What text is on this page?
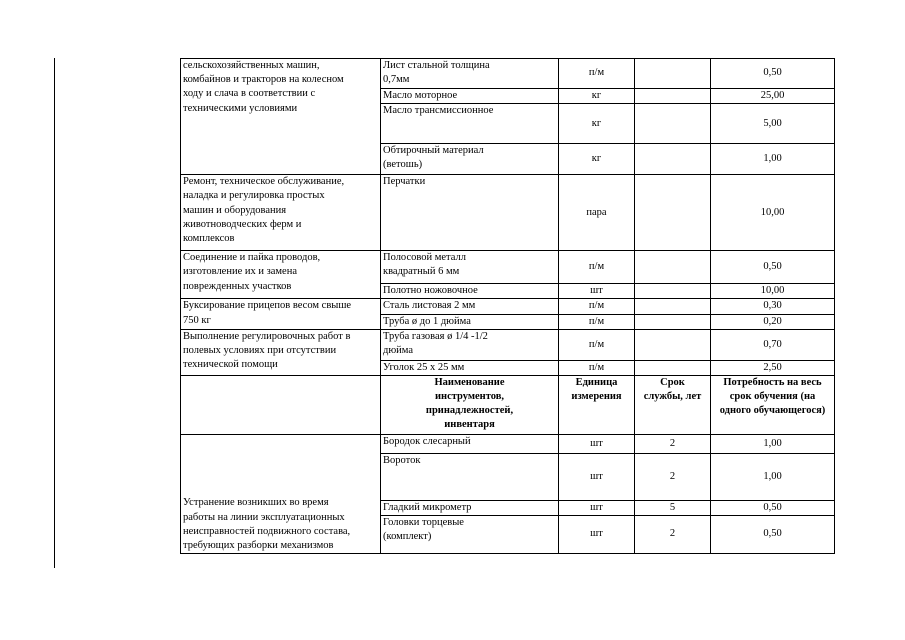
сельскохозяйственных машин,
комбайнов и тракторов на колесном
ходу и слача в соответствии с
техническими условиями	Лист стальной толщина
0,7мм	п/м		0,50
	Масло моторное	кг		25,00
	Масло трансмиссионное	кг		5,00
	Обтирочный материал
(ветошь)	кг		1,00
Ремонт, техническое обслуживание,
наладка и регулировка простых
машин и оборудования
животноводческих ферм и
комплексов	Перчатки	пара		10,00
Соединение и пайка проводов,
изготовление их и замена
поврежденных участков	Полосовой металл
квадратный 6 мм	п/м		0,50
	Полотно ножовочное	шт		10,00
Буксирование прицепов весом свыше
750 кг	Сталь листовая 2 мм	п/м		0,30
	Труба ø до 1 дюйма	п/м		0,20
Выполнение регулировочных работ в
полевых условиях при отсутствии
технической помощи	Труба газовая ø 1/4 -1/2
дюйма	п/м		0,70
	Уголок 25 х 25 мм	п/м		2,50
	Наименование
инструментов,
принадлежностей,
инвентаря	Единица
измерения	Срок
службы, лет	Потребность на весь
срок обучения (на
одного обучающегося)
Устранение возникших во время
работы на линии эксплуатационных
неисправностей подвижного состава,
требующих разборки механизмов	Бородок слесарный	шт	2	1,00
	Вороток	шт	2	1,00
	Гладкий микрометр	шт	5	0,50
	Головки торцевые
(комплект)	шт	2	0,50
